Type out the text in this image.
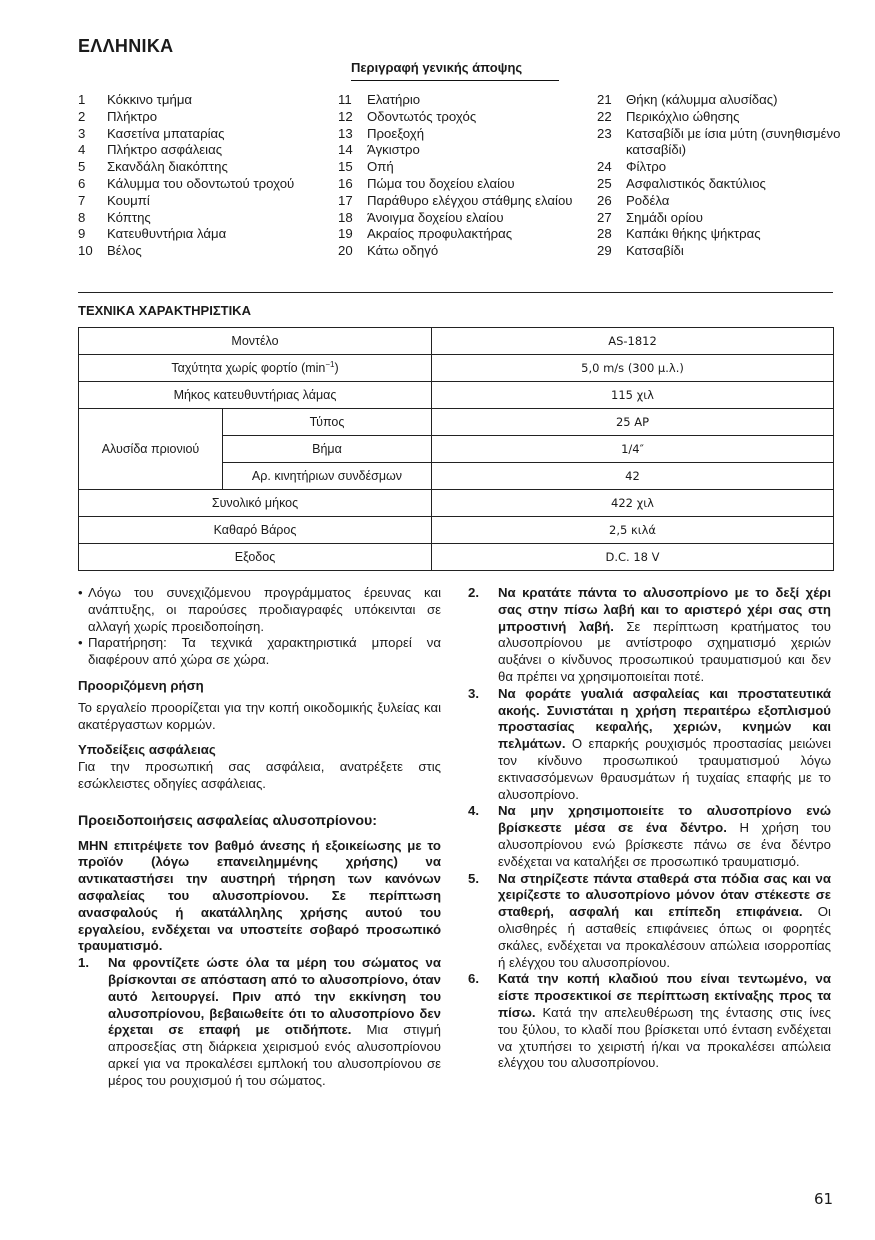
ΕΛΛΗΝΙΚΑ
Περιγραφή γενικής άποψης
1	Κόκκινο τμήμα
2	Πλήκτρο
3	Κασετίνα μπαταρίας
4	Πλήκτρο ασφάλειας
5	Σκανδάλη διακόπτης
6	Κάλυμμα του οδοντωτού τροχού
7	Κουμπί
8	Κόπτης
9	Κατευθυντήρια λάμα
10	Βέλος
11	Ελατήριο
12	Οδοντωτός τροχός
13	Προεξοχή
14	Άγκιστρο
15	Οπή
16	Πώμα του δοχείου ελαίου
17	Παράθυρο ελέγχου στάθμης ελαίου
18	Άνοιγμα δοχείου ελαίου
19	Ακραίος προφυλακτήρας
20	Κάτω οδηγό
21	Θήκη (κάλυμμα αλυσίδας)
22	Περικόχλιο ώθησης
23	Κατσαβίδι με ίσια μύτη (συνηθισμένο κατσαβίδι)
24	Φίλτρο
25	Ασφαλιστικός δακτύλιος
26	Ροδέλα
27	Σημάδι ορίου
28	Καπάκι θήκης ψήκτρας
29	Κατσαβίδι
ΤΕΧΝΙΚΑ ΧΑΡΑΚΤΗΡΙΣΤΙΚΑ
Μοντέλο		AS-1812
Ταχύτητα χωρίς φορτίο $(\min^{-1})$		5,0 m/s (300 μ.λ.)
Μήκος κατευθυντήριας λάμας		115 χιλ
Αλυσίδα πριονιού	Τύπος	25 AP
	Βήμα	1/4″
	Αρ. κινητήριων συνδέσμων	42
Συνολικό μήκος		422 χιλ
Καθαρό Βάρος		2,5 κιλά
Εξοδος		D.C. 18 V
• Λόγω του συνεχιζόμενου προγράμματος έρευνας και ανάπτυξης, οι παρούσες προδιαγραφές υπόκεινται σε αλλαγή χωρίς προειδοποίηση.
• Παρατήρηση: Τα τεχνικά χαρακτηριστικά μπορεί να διαφέρουν από χώρα σε χώρα.
Προοριζόμενη ρήση
Το εργαλείο προορίζεται για την κοπή οικοδομικής ξυλείας και ακατέργαστων κορμών.
Υποδείξεις ασφάλειας
Για την προσωπική σας ασφάλεια, ανατρέξετε στις εσώκλειστες οδηγίες ασφάλειας.
Προειδοποιήσεις ασφαλείας αλυσοπρίονου:
ΜΗΝ επιτρέψετε τον βαθμό άνεσης ή εξοικείωσης με το προϊόν (λόγω επανειλημμένης χρήσης) να αντικαταστήσει την αυστηρή τήρηση των κανόνων ασφαλείας του αλυσοπρίονου. Σε περίπτωση ανασφαλούς ή ακατάλληλης χρήσης αυτού του εργαλείου, ενδέχεται να υποστείτε σοβαρό προσωπικό τραυματισμό.
1.	Να φροντίζετε ώστε όλα τα μέρη του σώματος να βρίσκονται σε απόσταση από το αλυσοπρίονο, όταν αυτό λειτουργεί. Πριν από την εκκίνηση του αλυσοπρίονου, βεβαιωθείτε ότι το αλυσοπρίονο δεν έρχεται σε επαφή με οτιδήποτε. Μια στιγμή απροσεξίας στη διάρκεια χειρισμού ενός αλυσοπρίονου αρκεί για να προκαλέσει εμπλοκή του αλυσοπρίονου σε μέρος του ρουχισμού ή του σώματος.
2.	Να κρατάτε πάντα το αλυσοπρίονο με το δεξί χέρι σας στην πίσω λαβή και το αριστερό χέρι σας στη μπροστινή λαβή. Σε περίπτωση κρατήματος του αλυσοπρίονου με αντίστροφο σχηματισμό χεριών αυξάνει ο κίνδυνος προσωπικού τραυματισμού και δεν θα πρέπει να χρησιμοποιείται ποτέ.
3.	Να φοράτε γυαλιά ασφαλείας και προστατευτικά ακοής. Συνιστάται η χρήση περαιτέρω εξοπλισμού προστασίας κεφαλής, χεριών, κνημών και πελμάτων. Ο επαρκής ρουχισμός προστασίας μειώνει τον κίνδυνο προσωπικού τραυματισμού λόγω εκτινασσόμενων θραυσμάτων ή τυχαίας επαφής με το αλυσοπρίονο.
4.	Να μην χρησιμοποιείτε το αλυσοπρίονο ενώ βρίσκεστε μέσα σε ένα δέντρο. Η χρήση του αλυσοπρίονου ενώ βρίσκεστε πάνω σε ένα δέντρο ενδέχεται να καταλήξει σε προσωπικό τραυματισμό.
5.	Να στηρίζεστε πάντα σταθερά στα πόδια σας και να χειρίζεστε το αλυσοπρίονο μόνον όταν στέκεστε σε σταθερή, ασφαλή και επίπεδη επιφάνεια. Οι ολισθηρές ή ασταθείς επιφάνειες όπως οι φορητές σκάλες, ενδέχεται να προκαλέσουν απώλεια ισορροπίας ή ελέγχου του αλυσοπρίονου.
6.	Κατά την κοπή κλαδιού που είναι τεντωμένο, να είστε προσεκτικοί σε περίπτωση εκτίναξης προς τα πίσω. Κατά την απελευθέρωση της έντασης στις ίνες του ξύλου, το κλαδί που βρίσκεται υπό ένταση ενδέχεται να χτυπήσει το χειριστή ή/και να προκαλέσει απώλεια ελέγχου του αλυσοπρίονου.
61
